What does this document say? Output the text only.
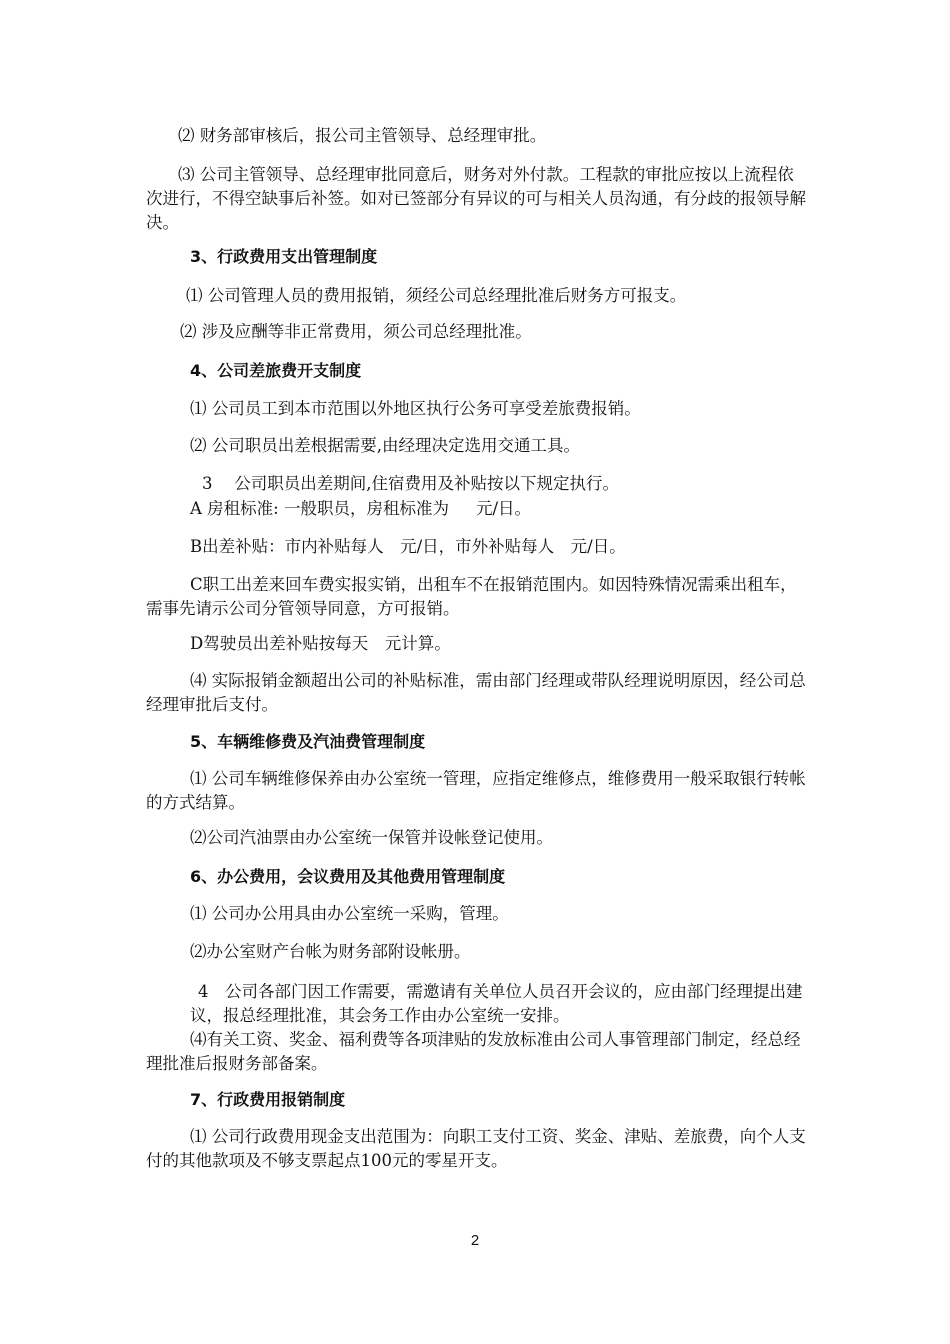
⑵ 财务部审核后，报公司主管领导、总经理审批。

⑶ 公司主管领导、总经理审批同意后，财务对外付款。工程款的审批应按以上流程依次进行，不得空缺事后补签。如对已签部分有异议的可与相关人员沟通，有分歧的报领导解决。

3、行政费用支出管理制度

⑴ 公司管理人员的费用报销，须经公司总经理批准后财务方可报支。

⑵ 涉及应酬等非正常费用，须公司总经理批准。

4、公司差旅费开支制度

⑴ 公司员工到本市范围以外地区执行公务可享受差旅费报销。

⑵ 公司职员出差根据需要,由经理决定选用交通工具。

3　 公司职员出差期间,住宿费用及补贴按以下规定执行。

A 房租标准: 一般职员，房租标准为　  元/日。

B出差补贴：市内补贴每人　元/日，市外补贴每人　元/日。

C职工出差来回车费实报实销，出租车不在报销范围内。如因特殊情况需乘出租车，需事先请示公司分管领导同意，方可报销。

D驾驶员出差补贴按每天　元计算。

⑷ 实际报销金额超出公司的补贴标准，需由部门经理或带队经理说明原因，经公司总经理审批后支付。

5、车辆维修费及汽油费管理制度

⑴ 公司车辆维修保养由办公室统一管理，应指定维修点，维修费用一般采取银行转帐的方式结算。

⑵公司汽油票由办公室统一保管并设帐登记使用。

6、办公费用，会议费用及其他费用管理制度

⑴ 公司办公用具由办公室统一采购，管理。

⑵办公室财产台帐为财务部附设帐册。

4　公司各部门因工作需要，需邀请有关单位人员召开会议的，应由部门经理提出建议，报总经理批准，其会务工作由办公室统一安排。

⑷有关工资、奖金、福利费等各项津贴的发放标准由公司人事管理部门制定，经总经理批准后报财务部备案。

7、行政费用报销制度

⑴ 公司行政费用现金支出范围为：向职工支付工资、奖金、津贴、差旅费，向个人支付的其他款项及不够支票起点100元的零星开支。

2
